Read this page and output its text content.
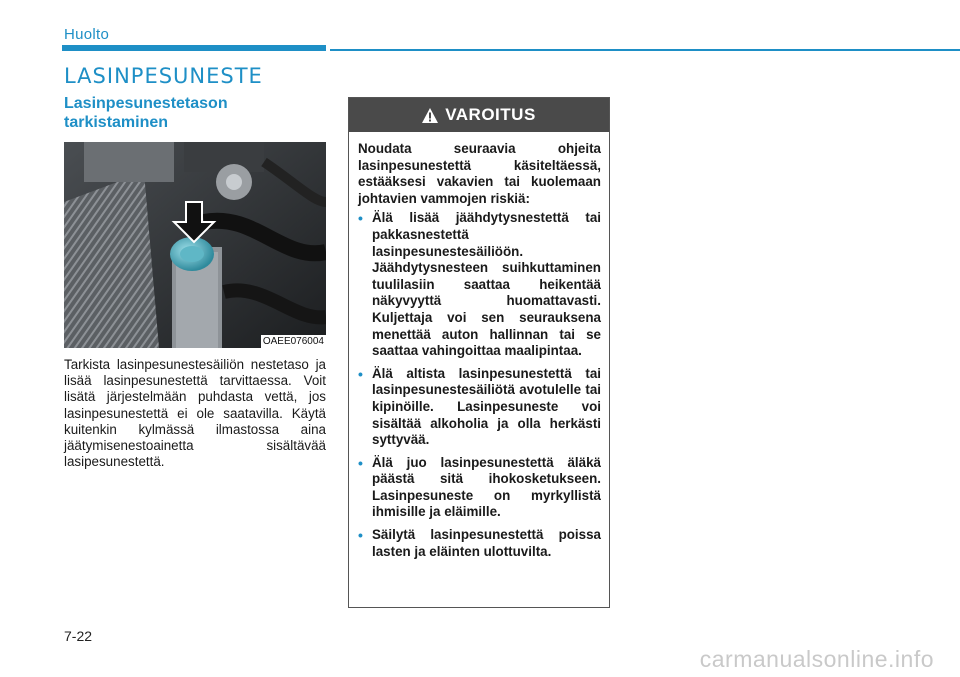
Huolto
LASINPESUNESTE
Lasinpesunestetason tarkistaminen
OAEE076004
Tarkista lasinpesunestesäiliön nestetaso ja lisää lasinpesunestettä tarvittaessa. Voit lisätä järjestelmään puhdasta vettä, jos lasinpesunestettä ei ole saatavilla. Käytä kuitenkin kylmässä ilmastossa aina jäätymisenestoainetta sisältävää lasipesunestettä.
VAROITUS
Noudata seuraavia ohjeita lasinpesunestettä käsiteltäessä, estääksesi vakavien tai kuolemaan johtavien vammojen riskiä:
• Älä lisää jäähdytysnestettä tai pakkasnestettä lasinpesunestesäiliöön. Jäähdytysnesteen suihkuttaminen tuulilasiin saattaa heikentää näkyvyyttä huomattavasti. Kuljettaja voi sen seurauksena menettää auton hallinnan tai se saattaa vahingoittaa maalipintaa.
• Älä altista lasinpesunestettä tai lasinpesunestesäiliötä avotulelle tai kipinöille. Lasinpesuneste voi sisältää alkoholia ja olla herkästi syttyvää.
• Älä juo lasinpesunestettä äläkä päästä sitä ihokosketukseen. Lasinpesuneste on myrkyllistä ihmisille ja eläimille.
• Säilytä lasinpesunestettä poissa lasten ja eläinten ulottuvilta.
7-22
carmanualsonline.info
